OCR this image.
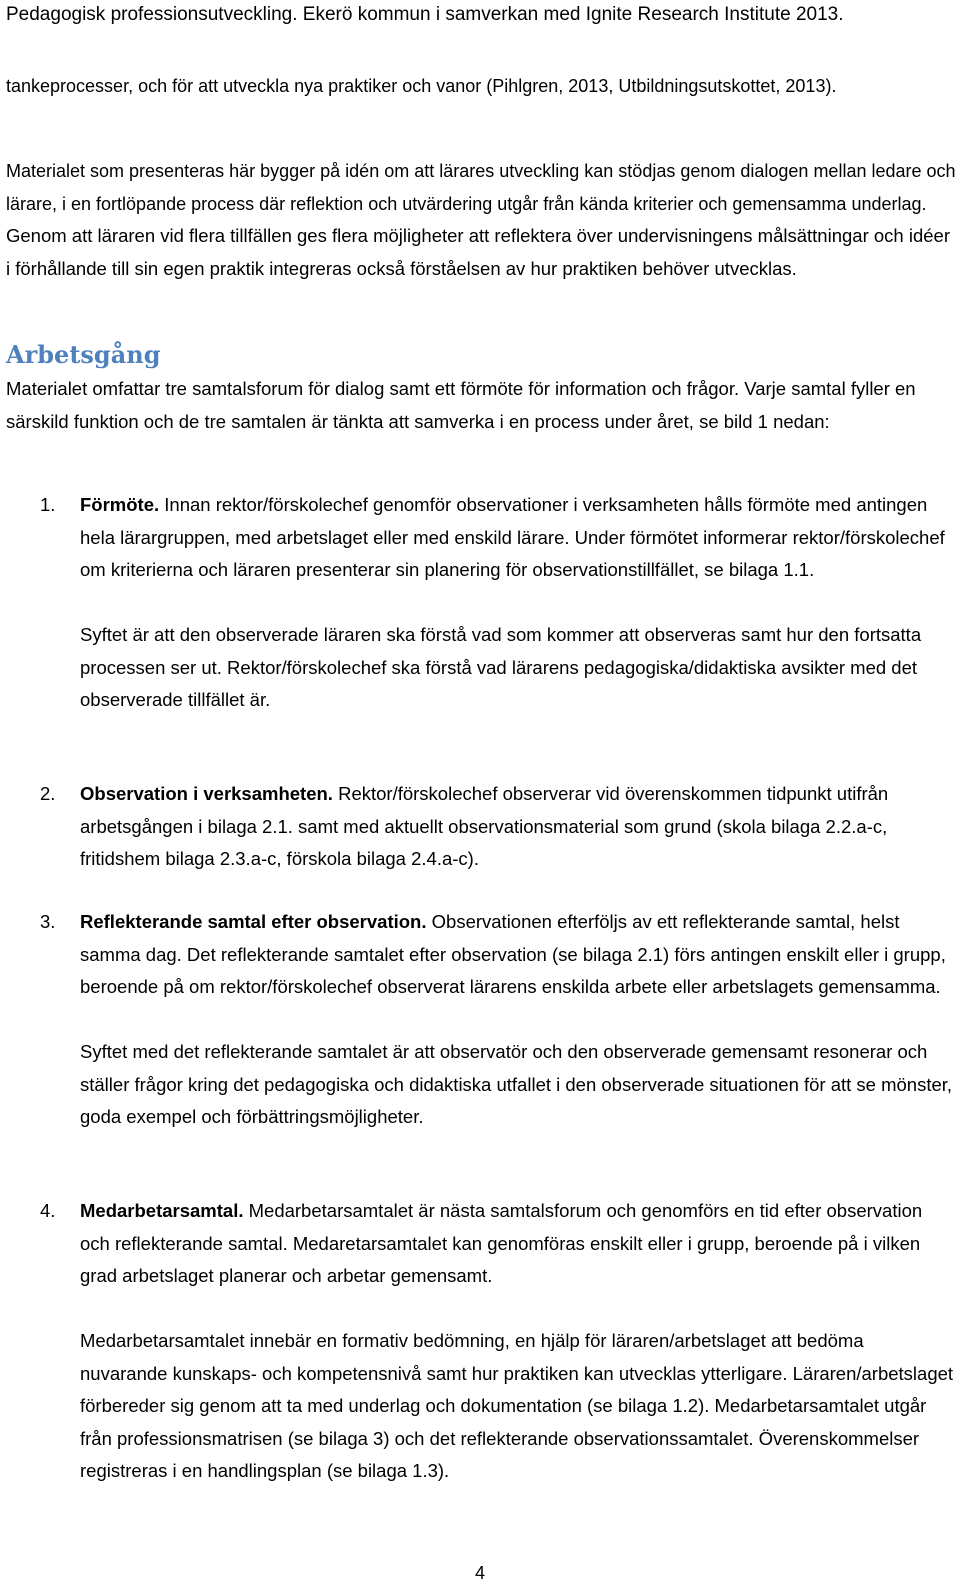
Pedagogisk professionsutveckling. Ekerö kommun i samverkan med Ignite Research Institute 2013.

tankeprocesser, och för att utveckla nya praktiker och vanor (Pihlgren, 2013, Utbildningsutskottet, 2013).

Materialet som presenteras här bygger på idén om att lärares utveckling kan stödjas genom dialogen mellan ledare och lärare, i en fortlöpande process där reflektion och utvärdering utgår från kända kriterier och gemensamma underlag. Genom att läraren vid flera tillfällen ges flera möjligheter att reflektera över undervisningens målsättningar och idéer i förhållande till sin egen praktik integreras också förståelsen av hur praktiken behöver utvecklas.

Arbetsgång

Materialet omfattar tre samtalsforum för dialog samt ett förmöte för information och frågor. Varje samtal fyller en särskild funktion och de tre samtalen är tänkta att samverka i en process under året, se bild 1 nedan:

1. Förmöte. Innan rektor/förskolechef genomför observationer i verksamheten hålls förmöte med antingen hela lärargruppen, med arbetslaget eller med enskild lärare. Under förmötet informerar rektor/förskolechef om kriterierna och läraren presenterar sin planering för observationstillfället, se bilaga 1.1.

Syftet är att den observerade läraren ska förstå vad som kommer att observeras samt hur den fortsatta processen ser ut. Rektor/förskolechef ska förstå vad lärarens pedagogiska/didaktiska avsikter med det observerade tillfället är.

2. Observation i verksamheten. Rektor/förskolechef observerar vid överenskommen tidpunkt utifrån arbetsgången i bilaga 2.1. samt med aktuellt observationsmaterial som grund (skola bilaga 2.2.a-c, fritidshem bilaga 2.3.a-c, förskola bilaga 2.4.a-c).

3. Reflekterande samtal efter observation. Observationen efterföljs av ett reflekterande samtal, helst samma dag. Det reflekterande samtalet efter observation (se bilaga 2.1) förs antingen enskilt eller i grupp, beroende på om rektor/förskolechef observerat lärarens enskilda arbete eller arbetslagets gemensamma.

Syftet med det reflekterande samtalet är att observatör och den observerade gemensamt resonerar och ställer frågor kring det pedagogiska och didaktiska utfallet i den observerade situationen för att se mönster, goda exempel och förbättringsmöjligheter.

4. Medarbetarsamtal. Medarbetarsamtalet är nästa samtalsforum och genomförs en tid efter observation och reflekterande samtal. Medaretarsamtalet kan genomföras enskilt eller i grupp, beroende på i vilken grad arbetslaget planerar och arbetar gemensamt.

Medarbetarsamtalet innebär en formativ bedömning, en hjälp för läraren/arbetslaget att bedöma nuvarande kunskaps- och kompetensnivå samt hur praktiken kan utvecklas ytterligare. Läraren/arbetslaget förbereder sig genom att ta med underlag och dokumentation (se bilaga 1.2). Medarbetarsamtalet utgår från professionsmatrisen (se bilaga 3) och det reflekterande observationssamtalet. Överenskommelser registreras i en handlingsplan (se bilaga 1.3).

4
